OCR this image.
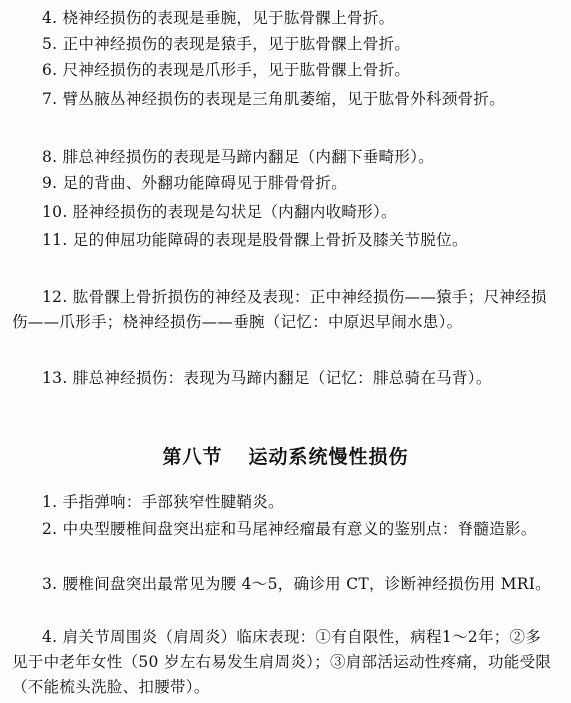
4. 桡神经损伤的表现是垂腕，见于肱骨髁上骨折。

5. 正中神经损伤的表现是猿手，见于肱骨髁上骨折。

6. 尺神经损伤的表现是爪形手，见于肱骨髁上骨折。

7. 臂丛腋丛神经损伤的表现是三角肌萎缩，见于肱骨外科颈骨折。

8. 腓总神经损伤的表现是马蹄内翻足（内翻下垂畸形）。

9. 足的背曲、外翻功能障碍见于腓骨骨折。

10. 胫神经损伤的表现是勾状足（内翻内收畸形）。

11. 足的伸屈功能障碍的表现是股骨髁上骨折及膝关节脱位。

12. 肱骨髁上骨折损伤的神经及表现：正中神经损伤——猿手；尺神经损伤——爪形手；桡神经损伤——垂腕（记忆：中原迟早闹水患）。

13. 腓总神经损伤：表现为马蹄内翻足（记忆：腓总骑在马背）。

第八节 运动系统慢性损伤

1. 手指弹响：手部狭窄性腱鞘炎。

2. 中央型腰椎间盘突出症和马尾神经瘤最有意义的鉴别点：脊髓造影。

3. 腰椎间盘突出最常见为腰 4～5，确诊用 CT，诊断神经损伤用 MRI。

4. 肩关节周围炎（肩周炎）临床表现：①有自限性，病程1～2年；②多见于中老年女性（50 岁左右易发生肩周炎）；③肩部活运动性疼痛，功能受限（不能梳头洗脸、扣腰带）。
